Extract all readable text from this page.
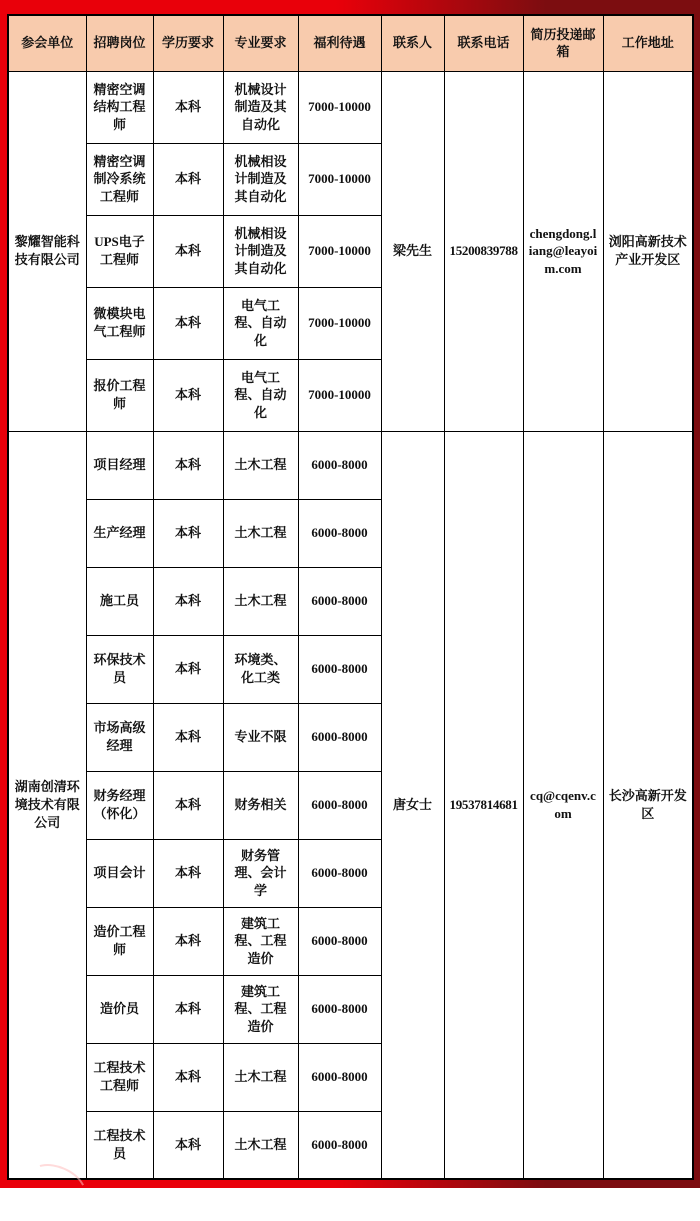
参会单位	招聘岗位	学历要求	专业要求	福利待遇	联系人	联系电话	简历投递邮箱	工作地址
黎耀智能科技有限公司	精密空调结构工程师	本科	机械设计制造及其自动化	7000-10000	梁先生	15200839788	chengdong.liang@leayoim.com	浏阳高新技术产业开发区
	精密空调制冷系统工程师	本科	机械相设计制造及其自动化	7000-10000				
	UPS电子工程师	本科	机械相设计制造及其自动化	7000-10000				
	微模块电气工程师	本科	电气工程、自动化	7000-10000				
	报价工程师	本科	电气工程、自动化	7000-10000				
湖南创清环境技术有限公司	项目经理	本科	土木工程	6000-8000	唐女士	19537814681	cq@cqenv.com	长沙高新开发区
	生产经理	本科	土木工程	6000-8000				
	施工员	本科	土木工程	6000-8000				
	环保技术员	本科	环境类、化工类	6000-8000				
	市场高级经理	本科	专业不限	6000-8000				
	财务经理（怀化）	本科	财务相关	6000-8000				
	项目会计	本科	财务管理、会计学	6000-8000				
	造价工程师	本科	建筑工程、工程造价	6000-8000				
	造价员	本科	建筑工程、工程造价	6000-8000				
	工程技术工程师	本科	土木工程	6000-8000				
	工程技术员	本科	土木工程	6000-8000				
